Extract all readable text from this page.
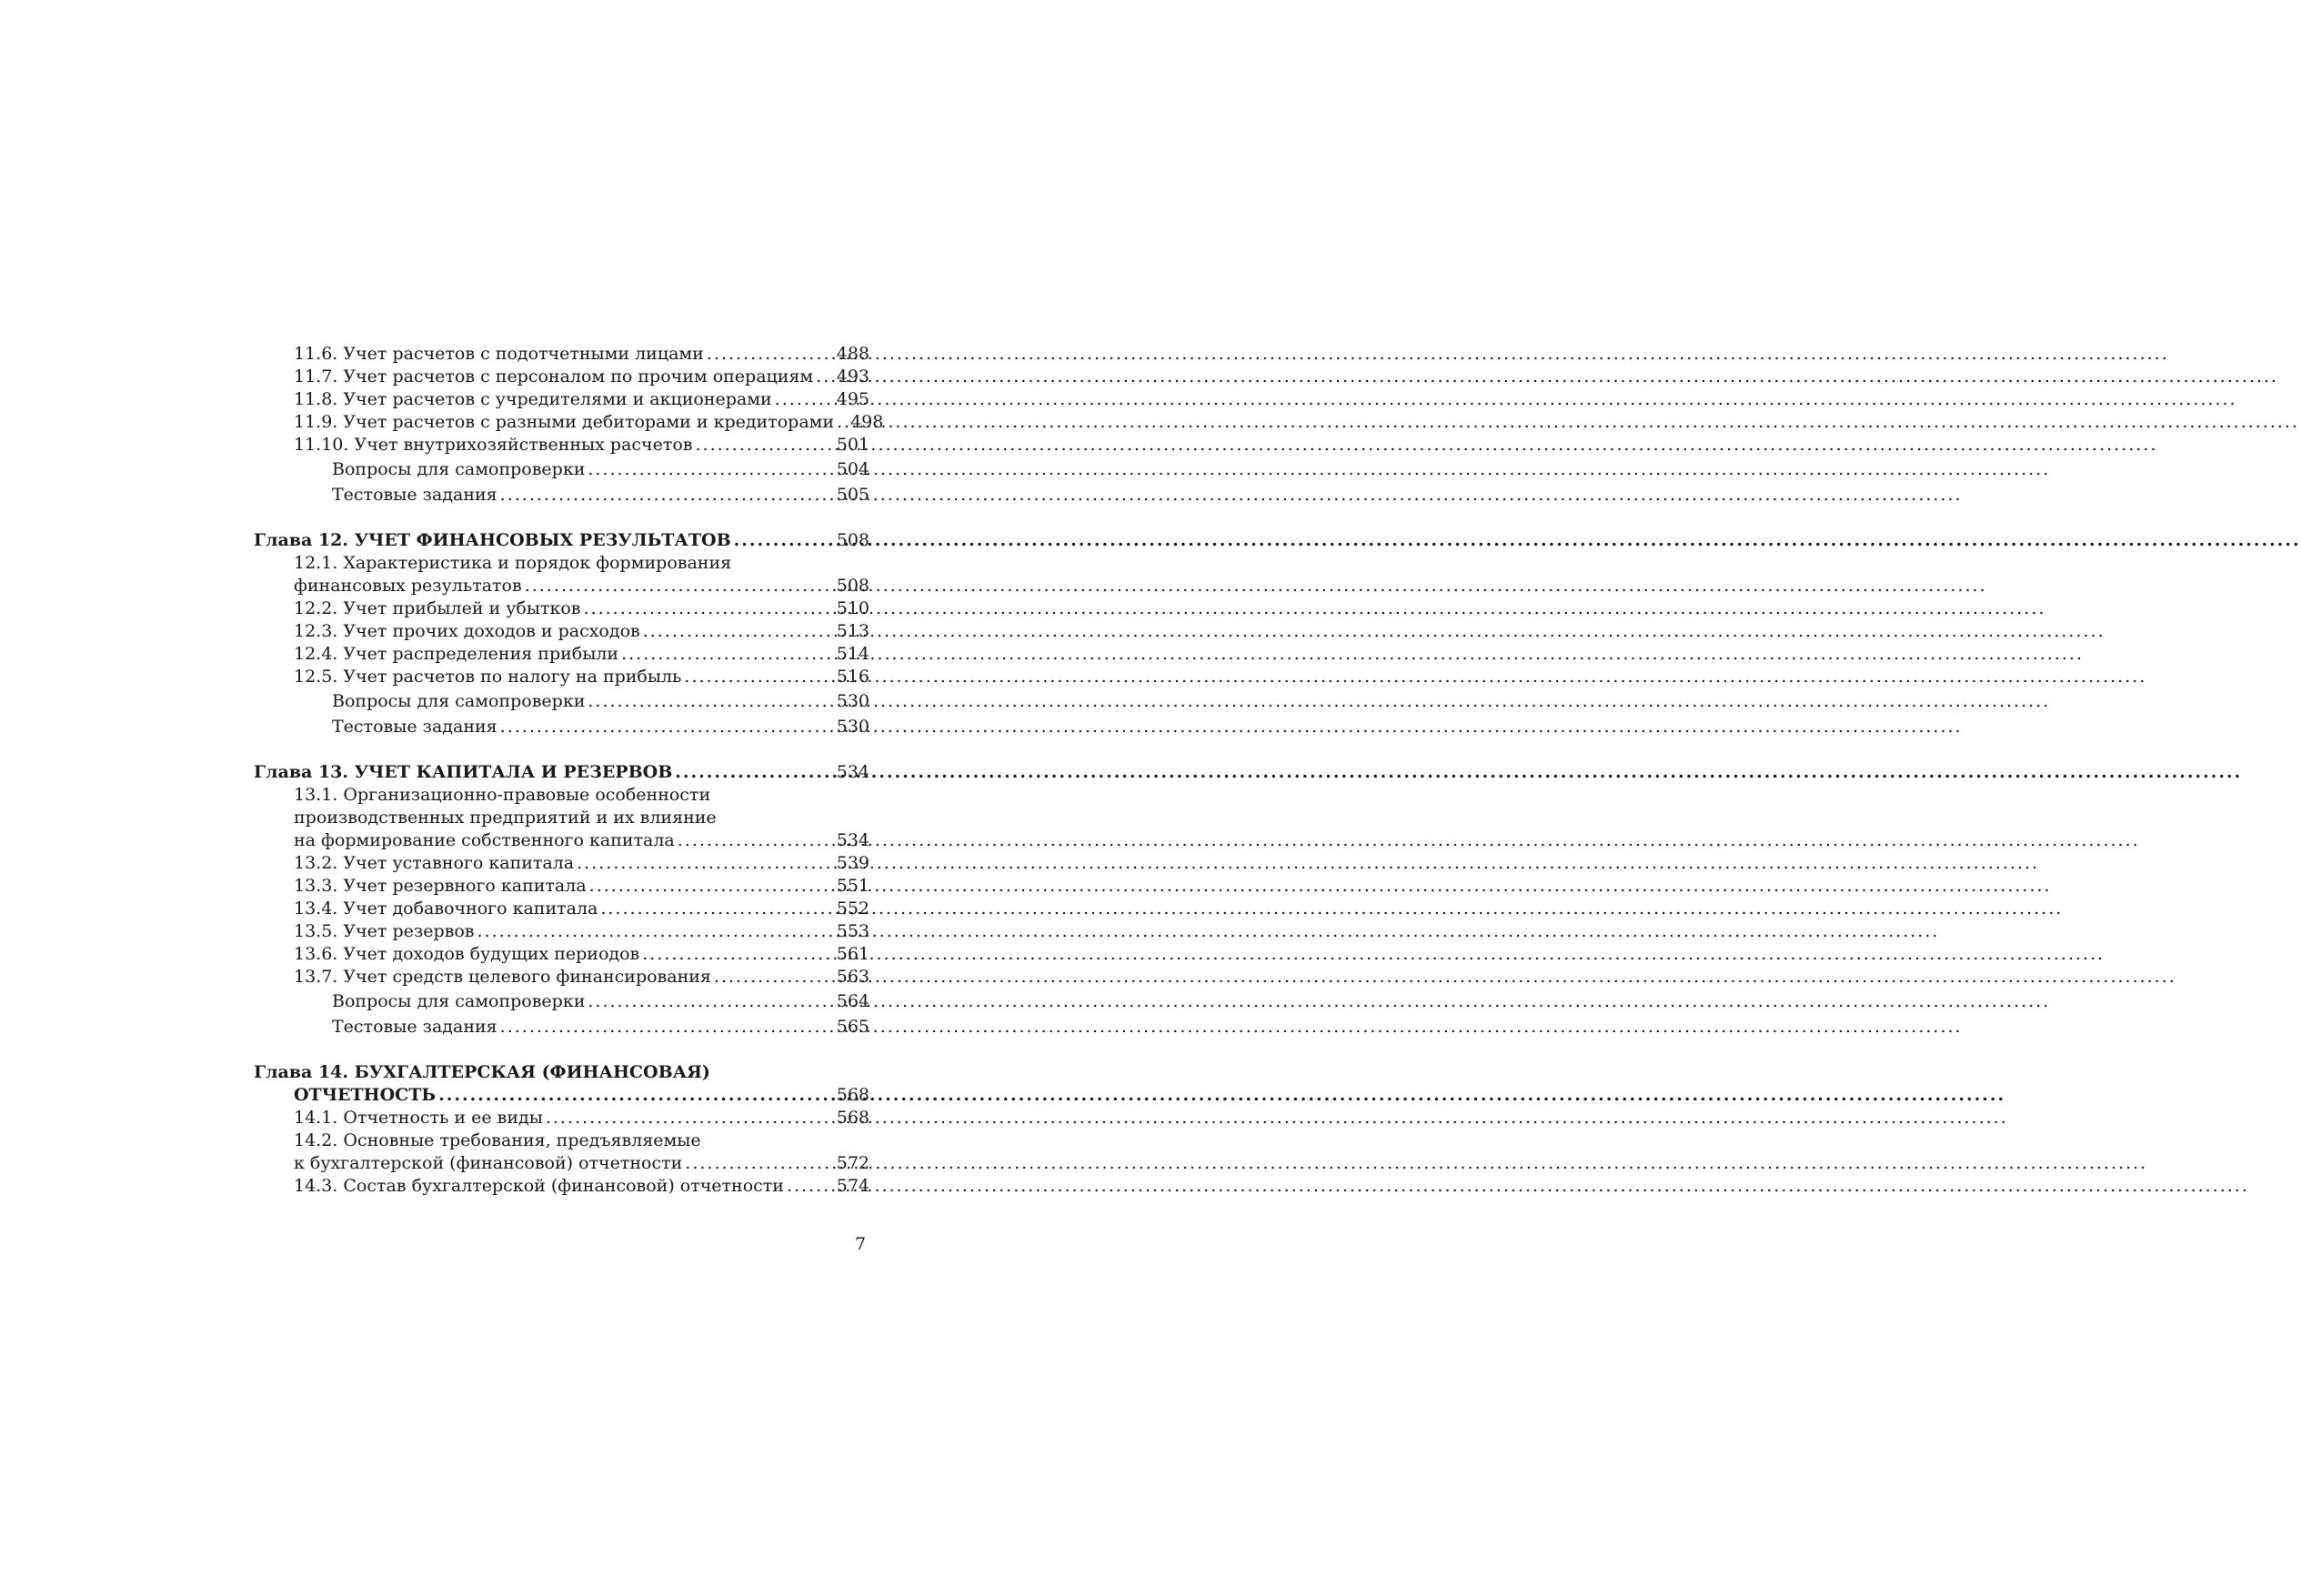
11.6. Учет расчетов с подотчетными лицами .....	488
11.7. Учет расчетов с персоналом по прочим операциям ..... 493
11.8. Учет расчетов с учредителями и акционерами .....	495
11.9. Учет расчетов с разными дебиторами и кредиторами ..... 498
11.10. Учет внутрихозяйственных расчетов .....	501
Вопросы для самопроверки .....	504
Тестовые задания .....	505
Глава 12. УЧЕТ ФИНАНСОВЫХ РЕЗУЛЬТАТОВ .....	508
12.1. Характеристика и порядок формирования
финансовых результатов .....	508
12.2. Учет прибылей и убытков .....	510
12.3. Учет прочих доходов и расходов .....	513
12.4. Учет распределения прибыли .....	514
12.5. Учет расчетов по налогу на прибыль .....	516
Вопросы для самопроверки .....	530
Тестовые задания .....	530
Глава 13. УЧЕТ КАПИТАЛА И РЕЗЕРВОВ .....	534
13.1. Организационно-правовые особенности
производственных предприятий и их влияние
на формирование собственного капитала .....	534
13.2. Учет уставного капитала .....	539
13.3. Учет резервного капитала .....	551
13.4. Учет добавочного капитала .....	552
13.5. Учет резервов .....	553
13.6. Учет доходов будущих периодов .....	561
13.7. Учет средств целевого финансирования .....	563
Вопросы для самопроверки .....	564
Тестовые задания .....	565
Глава 14. БУХГАЛТЕРСКАЯ (ФИНАНСОВАЯ)
ОТЧЕТНОСТЬ .....	568
14.1. Отчетность и ее виды .....	568
14.2. Основные требования, предъявляемые
к бухгалтерской (финансовой) отчетности .....	572
14.3. Состав бухгалтерской (финансовой) отчетности .....	574
7
